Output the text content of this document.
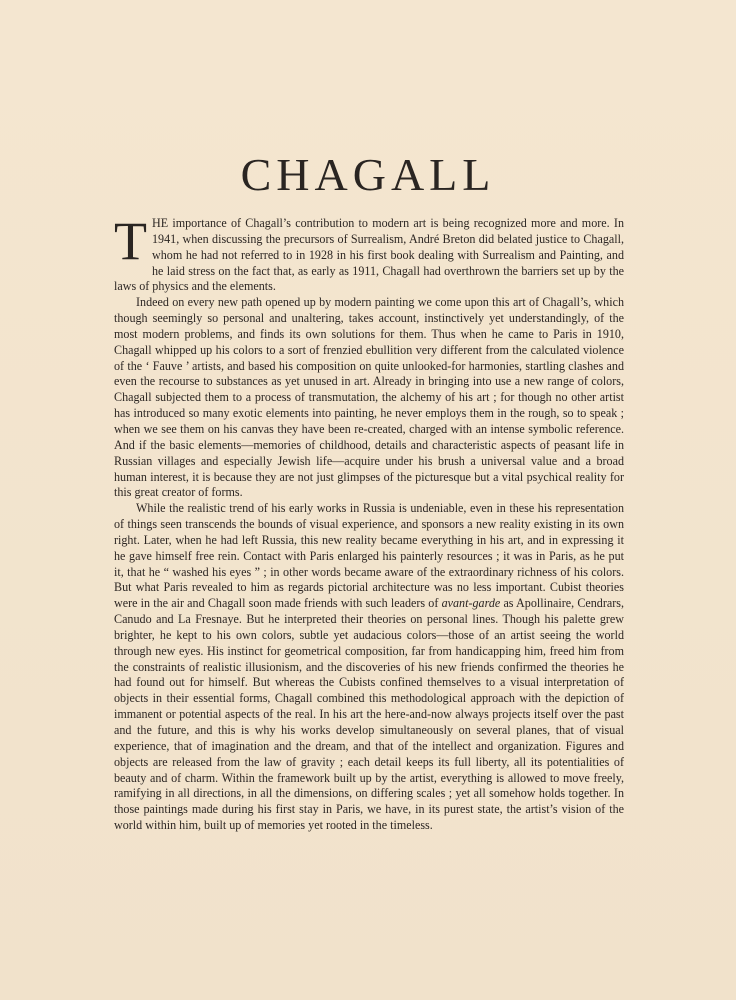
CHAGALL

THE importance of Chagall’s contribution to modern art is being recognized more and more. In 1941, when discussing the precursors of Surrealism, André Breton did belated justice to Chagall, whom he had not referred to in 1928 in his first book dealing with Surrealism and Painting, and he laid stress on the fact that, as early as 1911, Chagall had overthrown the barriers set up by the laws of physics and the elements.

Indeed on every new path opened up by modern painting we come upon this art of Chagall’s, which though seemingly so personal and unaltering, takes account, instinctively yet understandingly, of the most modern problems, and finds its own solutions for them. Thus when he came to Paris in 1910, Chagall whipped up his colors to a sort of frenzied ebullition very different from the calculated violence of the ‘ Fauve ’ artists, and based his composition on quite unlooked-for harmonies, startling clashes and even the recourse to substances as yet unused in art. Already in bringing into use a new range of colors, Chagall subjected them to a process of transmutation, the alchemy of his art ; for though no other artist has introduced so many exotic elements into painting, he never employs them in the rough, so to speak ; when we see them on his canvas they have been re-created, charged with an intense symbolic reference. And if the basic elements—memories of childhood, details and characteristic aspects of peasant life in Russian villages and especially Jewish life—acquire under his brush a universal value and a broad human interest, it is because they are not just glimpses of the picturesque but a vital psychical reality for this great creator of forms.

While the realistic trend of his early works in Russia is undeniable, even in these his representation of things seen transcends the bounds of visual experience, and sponsors a new reality existing in its own right. Later, when he had left Russia, this new reality became everything in his art, and in expressing it he gave himself free rein. Contact with Paris enlarged his painterly resources ; it was in Paris, as he put it, that he “ washed his eyes ” ; in other words became aware of the extraordinary richness of his colors. But what Paris revealed to him as regards pictorial architecture was no less important. Cubist theories were in the air and Chagall soon made friends with such leaders of avant-garde as Apollinaire, Cendrars, Canudo and La Fresnaye. But he interpreted their theories on personal lines. Though his palette grew brighter, he kept to his own colors, subtle yet audacious colors—those of an artist seeing the world through new eyes. His instinct for geometrical composition, far from handicapping him, freed him from the constraints of realistic illusionism, and the discoveries of his new friends confirmed the theories he had found out for himself. But whereas the Cubists confined themselves to a visual interpretation of objects in their essential forms, Chagall combined this methodological approach with the depiction of immanent or potential aspects of the real. In his art the here-and-now always projects itself over the past and the future, and this is why his works develop simultaneously on several planes, that of visual experience, that of imagination and the dream, and that of the intellect and organization. Figures and objects are released from the law of gravity ; each detail keeps its full liberty, all its potentialities of beauty and of charm. Within the framework built up by the artist, everything is allowed to move freely, ramifying in all directions, in all the dimensions, on differing scales ; yet all somehow holds together. In those paintings made during his first stay in Paris, we have, in its purest state, the artist’s vision of the world within him, built up of memories yet rooted in the timeless.
